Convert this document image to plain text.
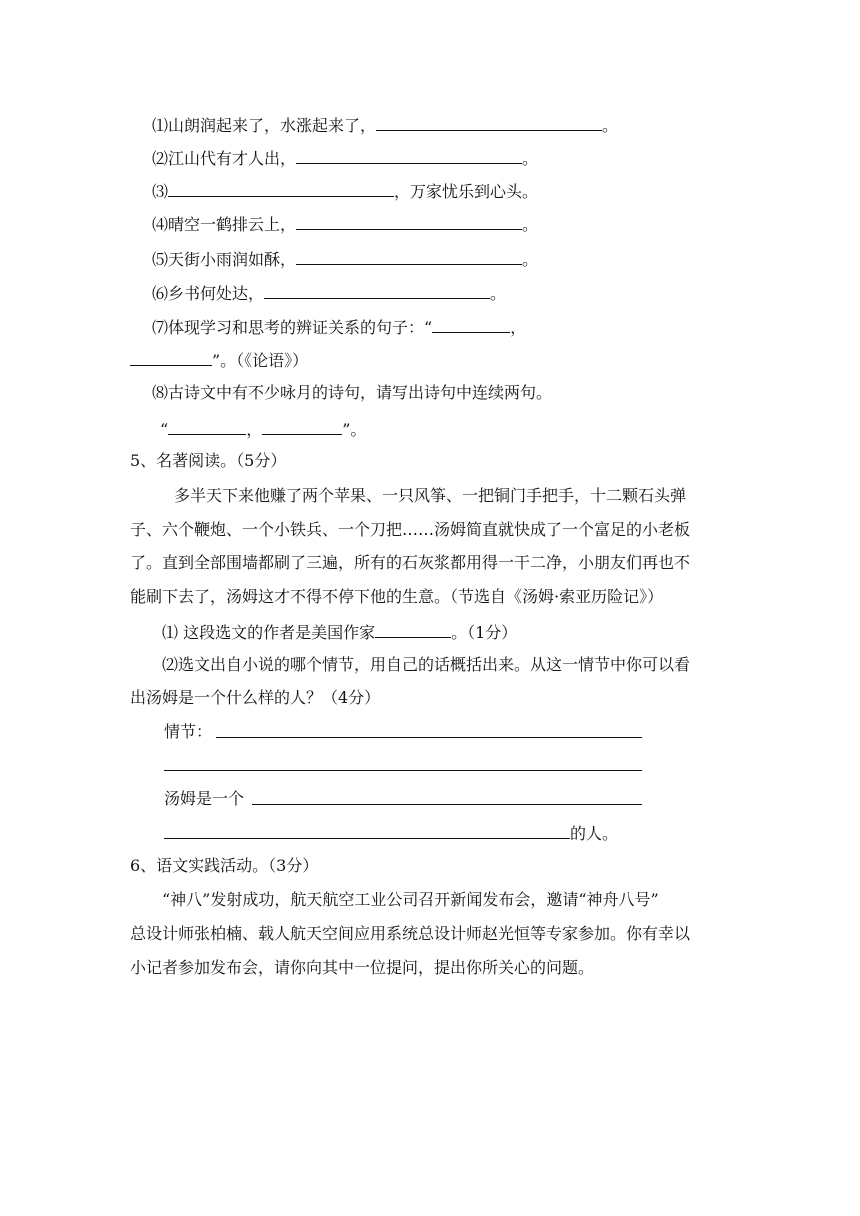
⑴山朗润起来了，水涨起来了，	。
⑵江山代有才人出，	。
⑶	，万家忧乐到心头。
⑷晴空一鹤排云上，	。
⑸天街小雨润如酥，	。
⑹乡书何处达，	。
⑺体现学习和思考的辨证关系的句子：“	，
”。（《论语》）
⑻古诗文中有不少咏月的诗句，请写出诗句中连续两句。
“	，	”。
5、名著阅读。（5分）
多半天下来他赚了两个苹果、一只风筝、一把铜门手把手，十二颗石头弹
子、六个鞭炮、一个小铁兵、一个刀把……汤姆简直就快成了一个富足的小老板
了。直到全部围墙都刷了三遍，所有的石灰浆都用得一干二净，小朋友们再也不
能刷下去了，汤姆这才不得不停下他的生意。（节选自《汤姆·索亚历险记》）
⑴ 这段选文的作者是美国作家	。（1分）
⑵选文出自小说的哪个情节，用自己的话概括出来。从这一情节中你可以看
出汤姆是一个什么样的人？（4分）
情节：
汤姆是一个
的人。
6、语文实践活动。（3分）
“神八”发射成功，航天航空工业公司召开新闻发布会，邀请“神舟八号”
总设计师张柏楠、载人航天空间应用系统总设计师赵光恒等专家参加。你有幸以
小记者参加发布会，请你向其中一位提问，提出你所关心的问题。
